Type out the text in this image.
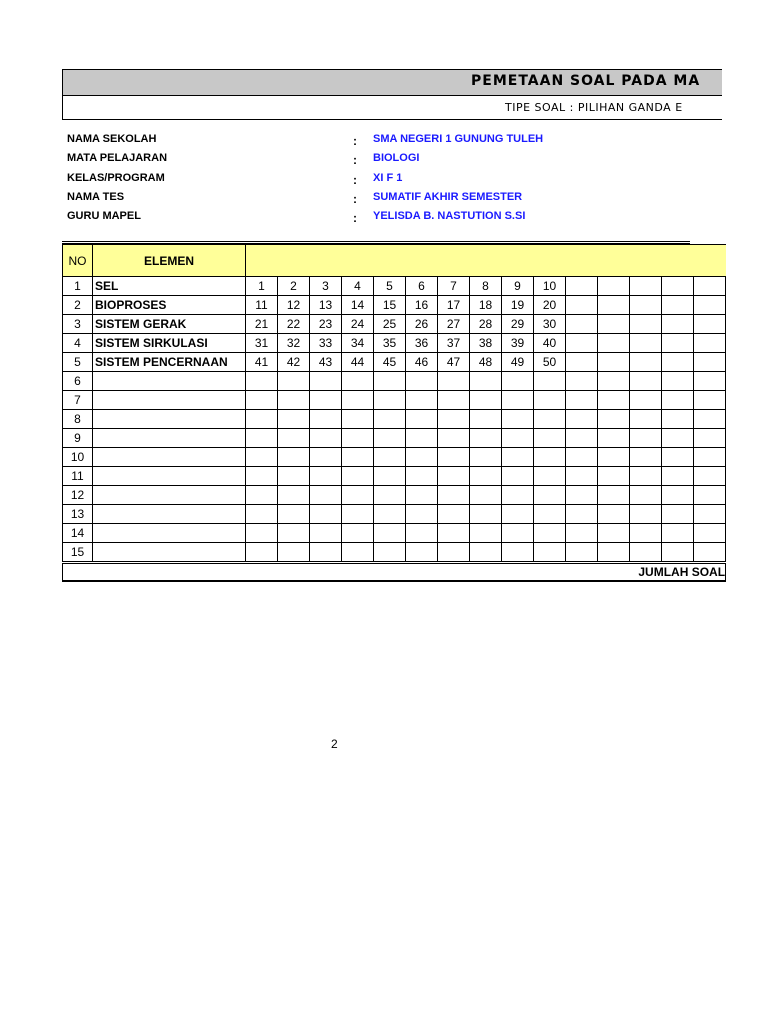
PEMETAAN SOAL PADA MA
TIPE SOAL : PILIHAN GANDA E
NAMA SEKOLAH	: SMA NEGERI 1 GUNUNG TULEH
MATA PELAJARAN	: BIOLOGI
KELAS/PROGRAM	: XI F 1
NAMA TES	: SUMATIF AKHIR SEMESTER
GURU MAPEL	: YELISDA B. NASTUTION S.SI
NO	ELEMEN															
1	SEL	1	2	3	4	5	6	7	8	9	10					
2	BIOPROSES	11	12	13	14	15	16	17	18	19	20					
3	SISTEM GERAK	21	22	23	24	25	26	27	28	29	30					
4	SISTEM SIRKULASI	31	32	33	34	35	36	37	38	39	40					
5	SISTEM PENCERNAAN	41	42	43	44	45	46	47	48	49	50					
6																
7																
8																
9																
10																
11																
12																
13																
14																
15																
JUMLAH SOAL																
2
